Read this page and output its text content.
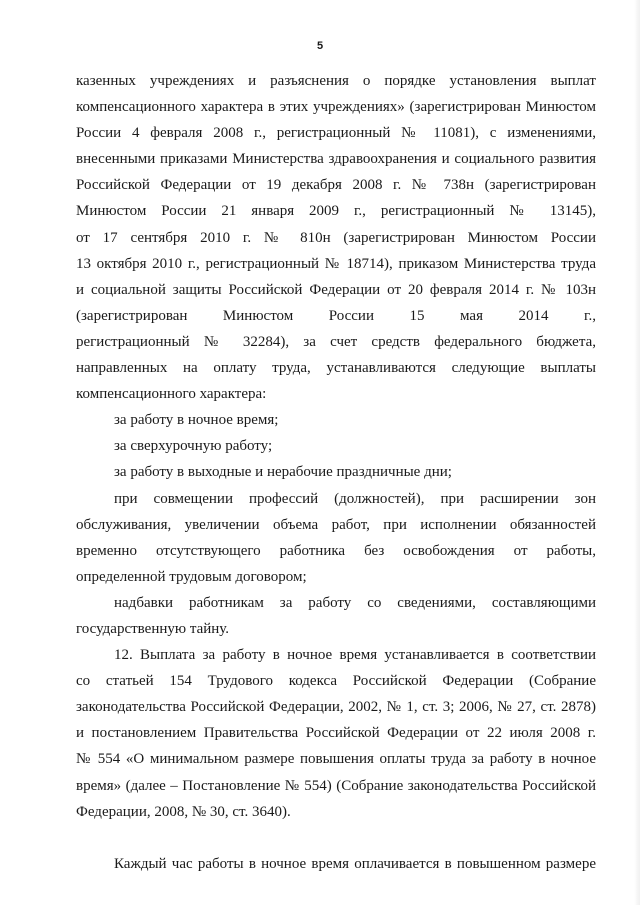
5
казенных учреждениях и разъяснения о порядке установления выплат
компенсационного характера в этих учреждениях» (зарегистрирован Минюстом
России 4 февраля 2008 г., регистрационный № 11081), с изменениями,
внесенными приказами Министерства здравоохранения и социального развития
Российской Федерации от 19 декабря 2008 г. № 738н (зарегистрирован
Минюстом России 21 января 2009 г., регистрационный № 13145),
от 17 сентября 2010 г. № 810н (зарегистрирован Минюстом России
13 октября 2010 г., регистрационный № 18714), приказом Министерства труда
и социальной защиты Российской Федерации от 20 февраля 2014 г. № 103н
(зарегистрирован Минюстом России 15 мая 2014 г.,
регистрационный № 32284), за счет средств федерального бюджета,
направленных на оплату труда, устанавливаются следующие выплаты
компенсационного характера:
за работу в ночное время;
за сверхурочную работу;
за работу в выходные и нерабочие праздничные дни;
при совмещении профессий (должностей), при расширении зон
обслуживания, увеличении объема работ, при исполнении обязанностей
временно отсутствующего работника без освобождения от работы,
определенной трудовым договором;
надбавки работникам за работу со сведениями, составляющими
государственную тайну.
12. Выплата за работу в ночное время устанавливается в соответствии
со статьей 154 Трудового кодекса Российской Федерации (Собрание
законодательства Российской Федерации, 2002, № 1, ст. 3; 2006, № 27, ст. 2878)
и постановлением Правительства Российской Федерации от 22 июля 2008 г.
№ 554 «О минимальном размере повышения оплаты труда за работу в ночное
время» (далее – Постановление № 554) (Собрание законодательства Российской
Федерации, 2008, № 30, ст. 3640).

Каждый час работы в ночное время оплачивается в повышенном размере
